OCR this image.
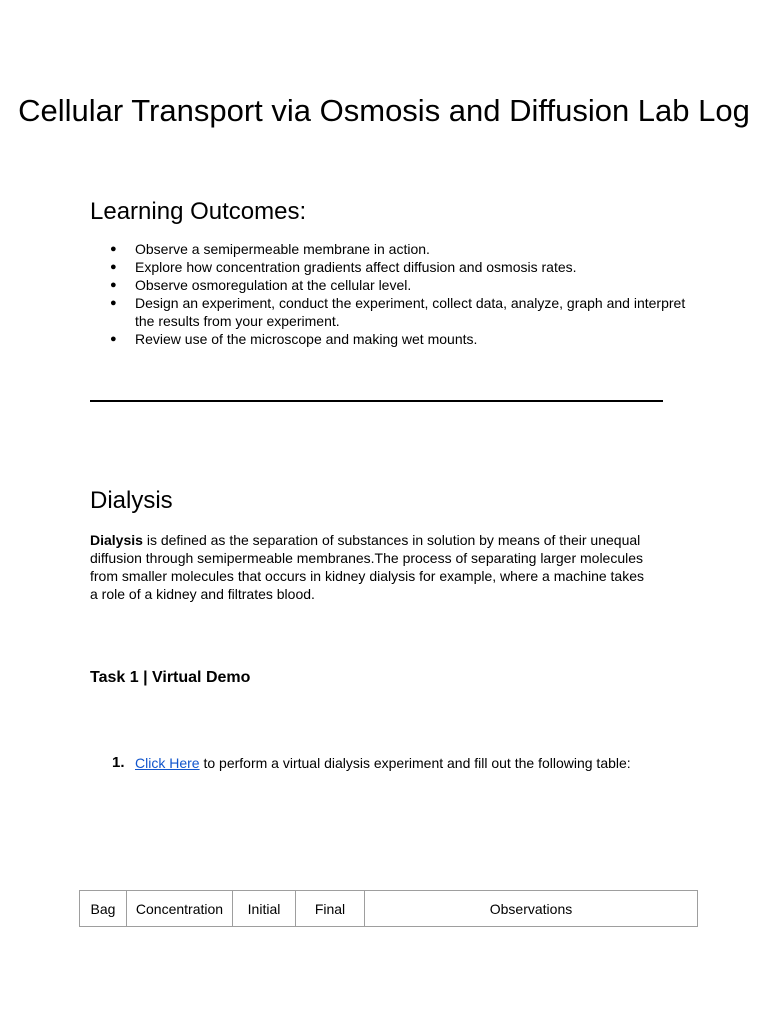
Cellular Transport via Osmosis and Diffusion Lab Log
Learning Outcomes:
● Observe a semipermeable membrane in action.
● Explore how concentration gradients affect diffusion and osmosis rates.
● Observe osmoregulation at the cellular level.
● Design an experiment, conduct the experiment, collect data, analyze, graph and interpret the results from your experiment.
● Review use of the microscope and making wet mounts.
Dialysis

Dialysis is defined as the separation of substances in solution by means of their unequal diffusion through semipermeable membranes.The process of separating larger molecules from smaller molecules that occurs in kidney dialysis for example, where a machine takes a role of a kidney and filtrates blood.

Task 1 | Virtual Demo
1. Click Here to perform a virtual dialysis experiment and fill out the following table:
Bag	Concentration	Initial	Final	Observations
